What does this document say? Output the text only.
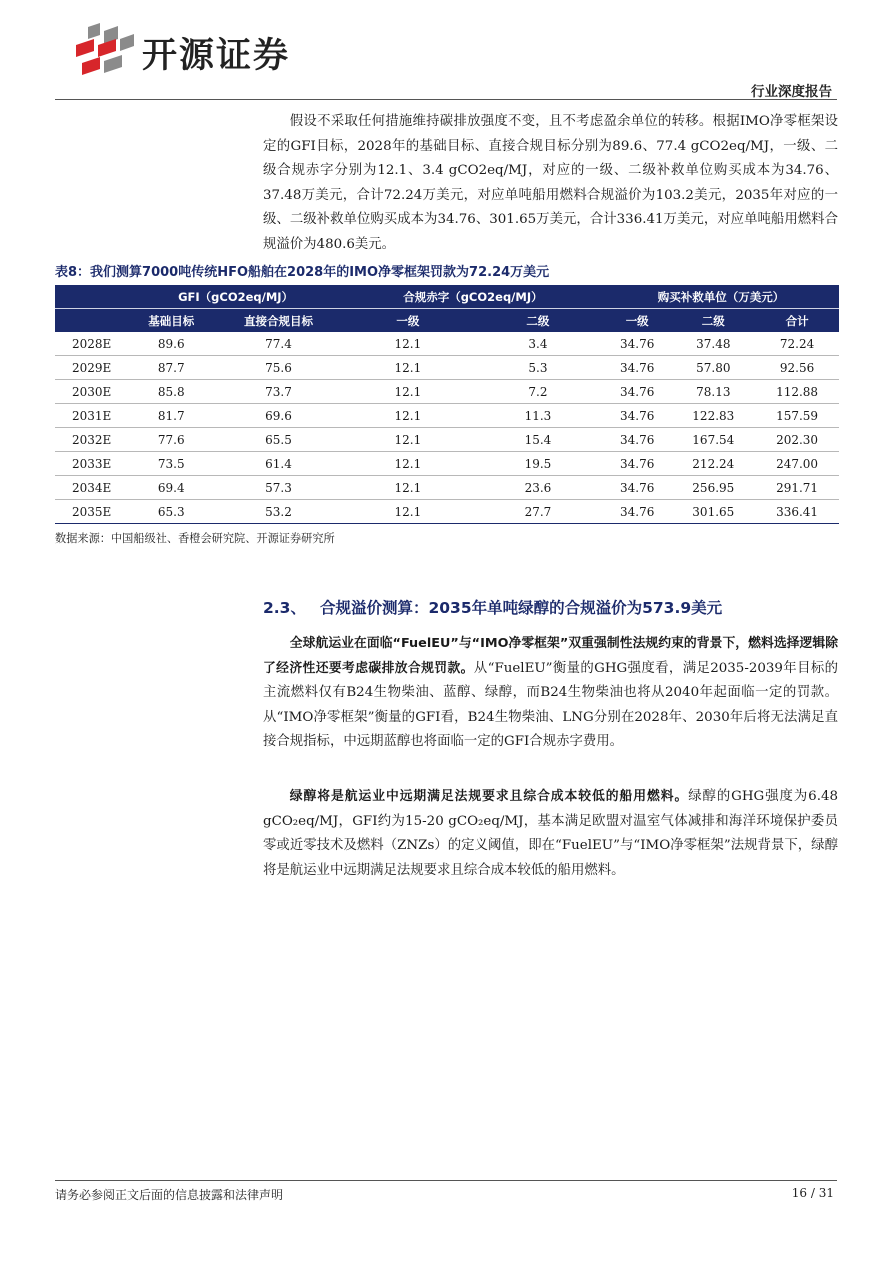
开源证券
行业深度报告

假设不采取任何措施维持碳排放强度不变，且不考虑盈余单位的转移。根据IMO净零框架设定的GFI目标，2028年的基础目标、直接合规目标分别为89.6、77.4 gCO2eq/MJ，一级、二级合规赤字分别为12.1、3.4 gCO2eq/MJ，对应的一级、二级补救单位购买成本为34.76、37.48万美元，合计72.24万美元，对应单吨船用燃料合规溢价为103.2美元，2035年对应的一级、二级补救单位购买成本为34.76、301.65万美元，合计336.41万美元，对应单吨船用燃料合规溢价为480.6美元。

表8：我们测算7000吨传统HFO船舶在2028年的IMO净零框架罚款为72.24万美元
	GFI（gCO2eq/MJ）		合规赤字（gCO2eq/MJ）		购买补救单位（万美元）		
	基础目标	直接合规目标	一级	二级	一级	二级	合计
2028E	89.6	77.4	12.1	3.4	34.76	37.48	72.24
2029E	87.7	75.6	12.1	5.3	34.76	57.80	92.56
2030E	85.8	73.7	12.1	7.2	34.76	78.13	112.88
2031E	81.7	69.6	12.1	11.3	34.76	122.83	157.59
2032E	77.6	65.5	12.1	15.4	34.76	167.54	202.30
2033E	73.5	61.4	12.1	19.5	34.76	212.24	247.00
2034E	69.4	57.3	12.1	23.6	34.76	256.95	291.71
2035E	65.3	53.2	12.1	27.7	34.76	301.65	336.41
数据来源：中国船级社、香橙会研究院、开源证券研究所
2.3、 合规溢价测算：2035年单吨绿醇的合规溢价为573.9美元

全球航运业在面临“FuelEU”与“IMO净零框架”双重强制性法规约束的背景下，燃料选择逻辑除了经济性还要考虑碳排放合规罚款。从“FuelEU”衡量的GHG强度看，满足2035-2039年目标的主流燃料仅有B24生物柴油、蓝醇、绿醇，而B24生物柴油也将从2040年起面临一定的罚款。从“IMO净零框架”衡量的GFI看，B24生物柴油、LNG分别在2028年、2030年后将无法满足直接合规指标，中远期蓝醇也将面临一定的GFI合规赤字费用。

绿醇将是航运业中远期满足法规要求且综合成本较低的船用燃料。绿醇的GHG强度为6.48 gCO₂eq/MJ，GFI约为15-20 gCO₂eq/MJ，基本满足欧盟对温室气体减排和海洋环境保护委员零或近零技术及燃料（ZNZs）的定义阈值，即在“FuelEU”与“IMO净零框架”法规背景下，绿醇将是航运业中远期满足法规要求且综合成本较低的船用燃料。

请务必参阅正文后面的信息披露和法律声明	16 / 31
